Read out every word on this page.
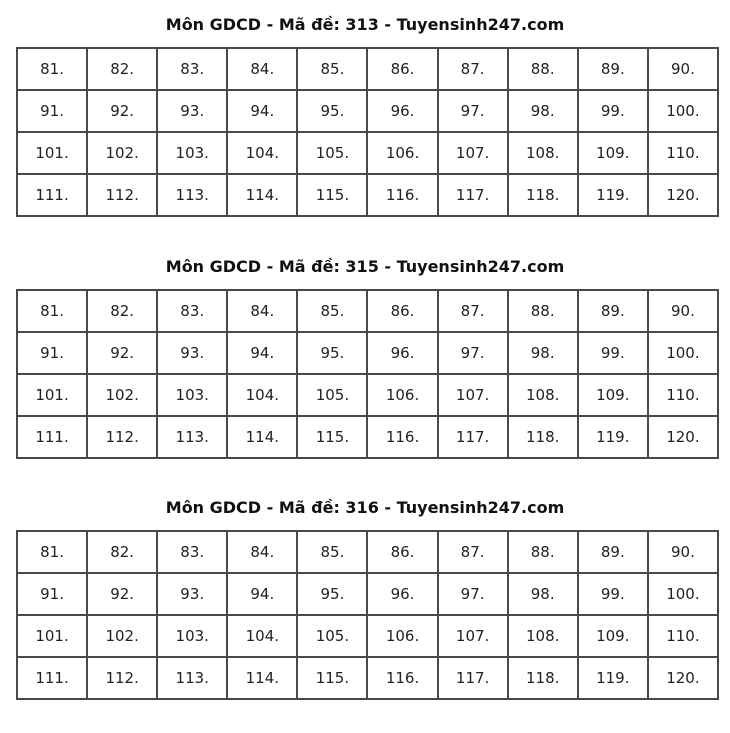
Môn GDCD - Mã đề: 313 - Tuyensinh247.com
81.	82.	83.	84.	85.	86.	87.	88.	89.	90.
91.	92.	93.	94.	95.	96.	97.	98.	99.	100.
101.	102.	103.	104.	105.	106.	107.	108.	109.	110.
111.	112.	113.	114.	115.	116.	117.	118.	119.	120.
Môn GDCD - Mã đề: 315 - Tuyensinh247.com
81.	82.	83.	84.	85.	86.	87.	88.	89.	90.
91.	92.	93.	94.	95.	96.	97.	98.	99.	100.
101.	102.	103.	104.	105.	106.	107.	108.	109.	110.
111.	112.	113.	114.	115.	116.	117.	118.	119.	120.
Môn GDCD - Mã đề: 316 - Tuyensinh247.com
81.	82.	83.	84.	85.	86.	87.	88.	89.	90.
91.	92.	93.	94.	95.	96.	97.	98.	99.	100.
101.	102.	103.	104.	105.	106.	107.	108.	109.	110.
111.	112.	113.	114.	115.	116.	117.	118.	119.	120.
